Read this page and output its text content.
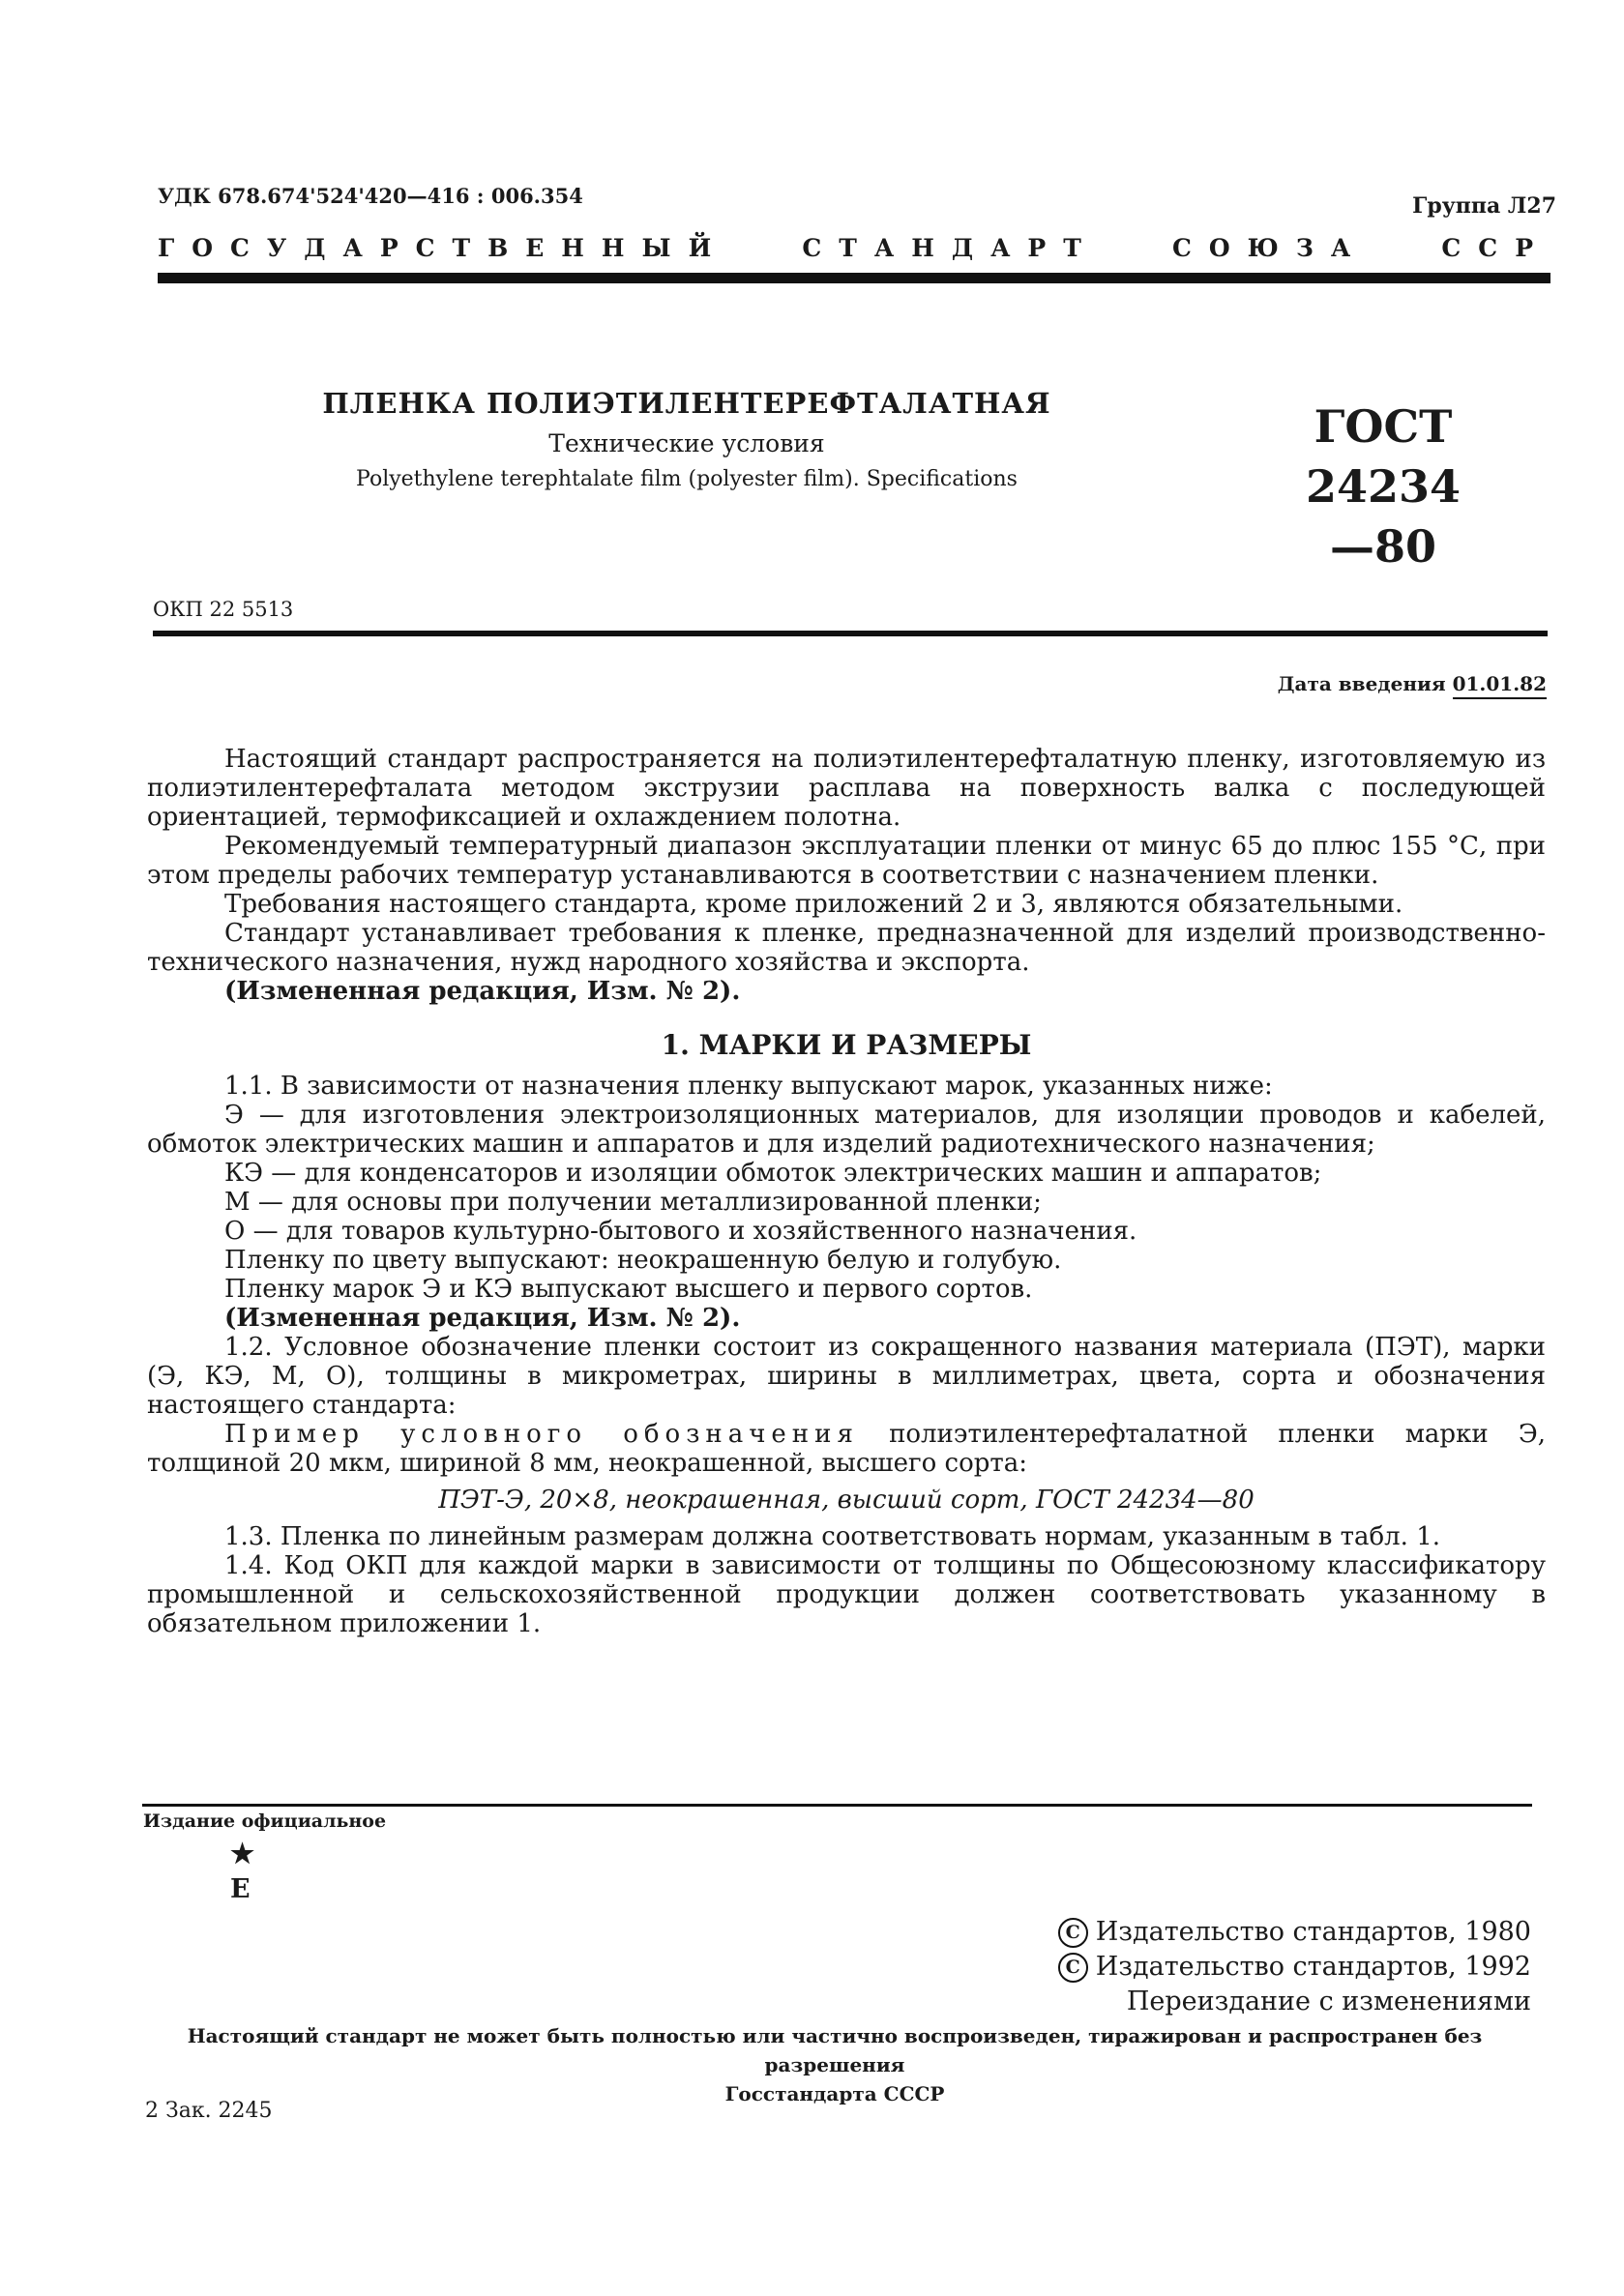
УДК 678.674'524'420—416 : 006.354	Группа Л27
ГОСУДАРСТВЕННЫЙ	СТАНДАРТ	СОЮЗА	ССР
ПЛЕНКА ПОЛИЭТИЛЕНТЕРЕФТАЛАТНАЯ
Технические условия
Polyethylene terephtalate film (polyester film). Specifications
ГОСТ
24234—80
ОКП 22 5513
Дата введения 01.01.82

Настоящий стандарт распространяется на полиэтилентерефталатную пленку, изготовляемую из полиэтилентерефталата методом экструзии расплава на поверхность валка с последующей ориентацией, термофиксацией и охлаждением полотна.

Рекомендуемый температурный диапазон эксплуатации пленки от минус 65 до плюс 155 °С, при этом пределы рабочих температур устанавливаются в соответствии с назначением пленки.

Требования настоящего стандарта, кроме приложений 2 и 3, являются обязательными.

Стандарт устанавливает требования к пленке, предназначенной для изделий производственно-технического назначения, нужд народного хозяйства и экспорта.

(Измененная редакция, Изм. № 2).

1. МАРКИ И РАЗМЕРЫ

1.1. В зависимости от назначения пленку выпускают марок, указанных ниже:

Э — для изготовления электроизоляционных материалов, для изоляции проводов и кабелей, обмоток электрических машин и аппаратов и для изделий радиотехнического назначения;

КЭ — для конденсаторов и изоляции обмоток электрических машин и аппаратов;

М — для основы при получении металлизированной пленки;

О — для товаров культурно-бытового и хозяйственного назначения.

Пленку по цвету выпускают: неокрашенную белую и голубую.

Пленку марок Э и КЭ выпускают высшего и первого сортов.

(Измененная редакция, Изм. № 2).

1.2. Условное обозначение пленки состоит из сокращенного названия материала (ПЭТ), марки (Э, КЭ, М, О), толщины в микрометрах, ширины в миллиметрах, цвета, сорта и обозначения настоящего стандарта:

Пример условного обозначения полиэтилентерефталатной пленки марки Э, толщиной 20 мкм, шириной 8 мм, неокрашенной, высшего сорта:

ПЭТ-Э, 20×8, неокрашенная, высший сорт, ГОСТ 24234—80

1.3. Пленка по линейным размерам должна соответствовать нормам, указанным в табл. 1.

1.4. Код ОКП для каждой марки в зависимости от толщины по Общесоюзному классификатору промышленной и сельскохозяйственной продукции должен соответствовать указанному в обязательном приложении 1.

Издание официальное
★
Е
С Издательство стандартов, 1980
С Издательство стандартов, 1992
Переиздание с изменениями
Настоящий стандарт не может быть полностью или частично воспроизведен, тиражирован и распространен без разрешения
Госстандарта СССР
2 Зак. 2245
